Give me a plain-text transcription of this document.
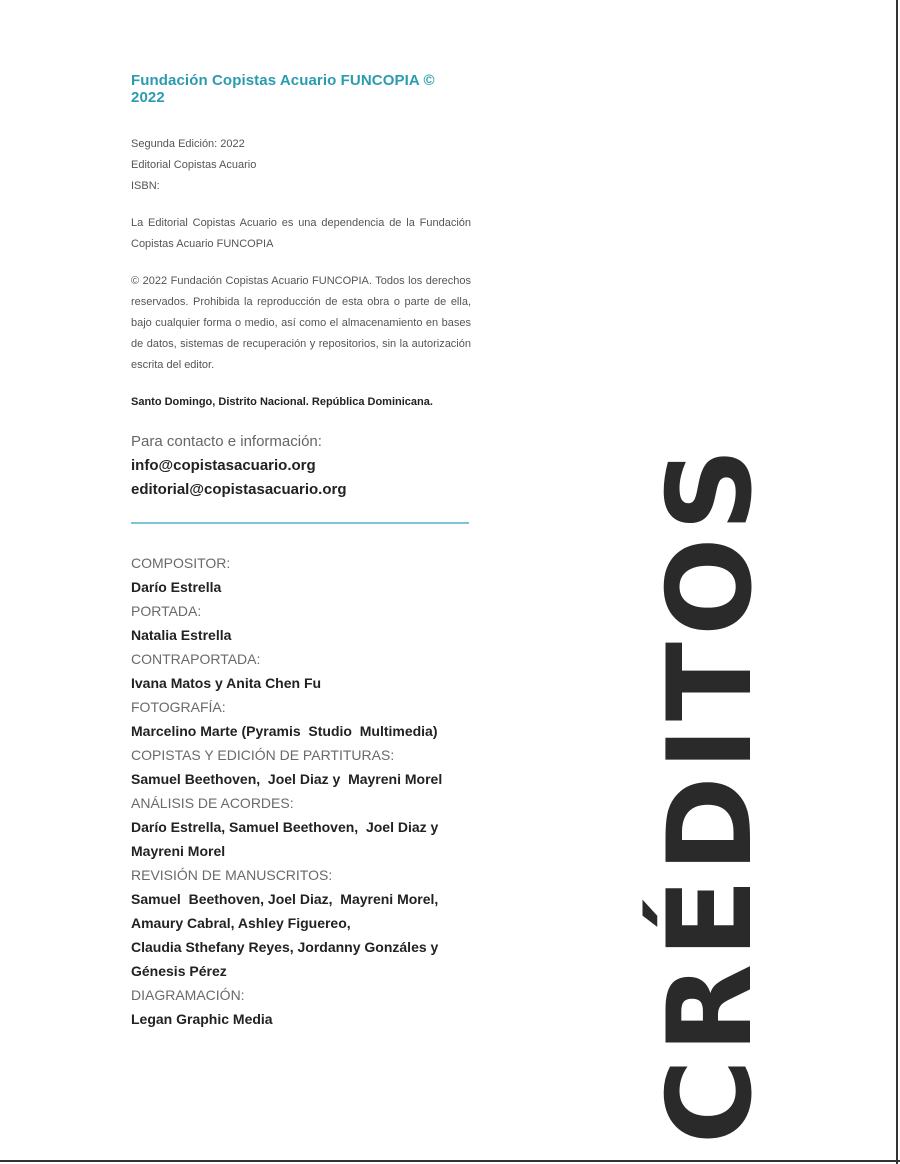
Fundación Copistas Acuario FUNCOPIA © 2022
Segunda Edición: 2022
Editorial Copistas Acuario
ISBN:

La Editorial Copistas Acuario es una dependencia de la Fundación Copistas Acuario FUNCOPIA

© 2022 Fundación Copistas Acuario FUNCOPIA. Todos los derechos reservados. Prohibida la reproducción de esta obra o parte de ella, bajo cualquier forma o medio, así como el almacenamiento en bases de datos, sistemas de recuperación y repositorios, sin la autorización escrita del editor.

Santo Domingo, Distrito Nacional. República Dominicana.
Para contacto e información:
info@copistasacuario.org
editorial@copistasacuario.org
COMPOSITOR:
Darío Estrella
PORTADA:
Natalia Estrella
CONTRAPORTADA:
Ivana Matos y Anita Chen Fu
FOTOGRAFÍA:
Marcelino Marte (Pyramis  Studio  Multimedia)
COPISTAS Y EDICIÓN DE PARTITURAS:
Samuel Beethoven,  Joel Diaz y  Mayreni Morel
ANÁLISIS DE ACORDES:
Darío Estrella, Samuel Beethoven,  Joel Diaz y
Mayreni Morel
REVISIÓN DE MANUSCRITOS:
Samuel  Beethoven, Joel Diaz,  Mayreni Morel,
Amaury Cabral, Ashley Figuereo,
Claudia Sthefany Reyes, Jordanny Gonzáles y
Génesis Pérez
DIAGRAMACIÓN:
Legan Graphic Media	CRÉDITOS
